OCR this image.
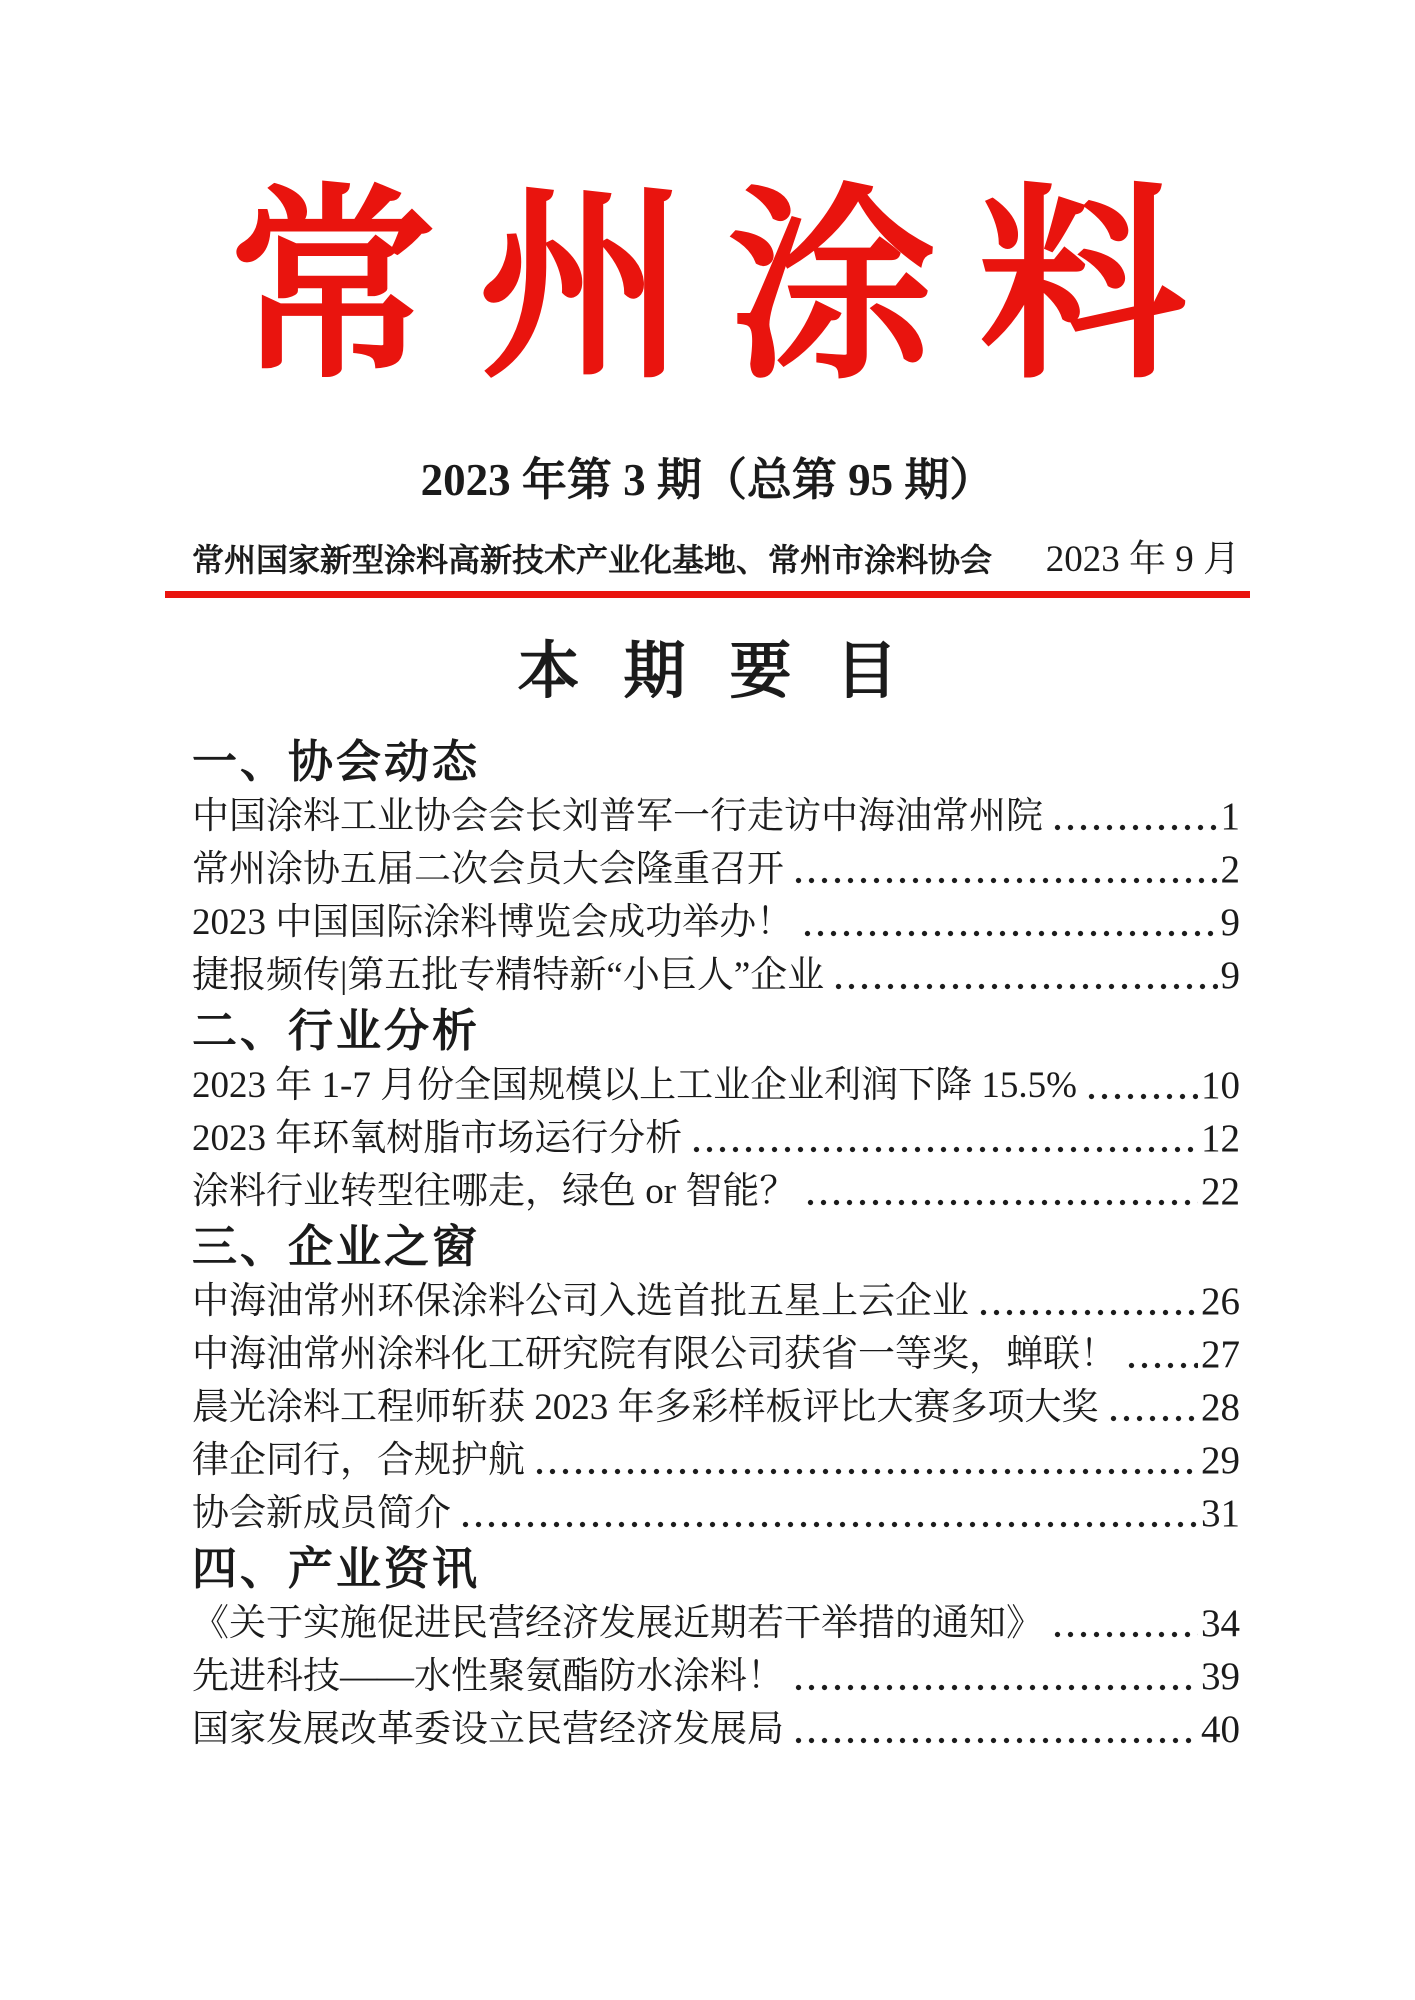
常州涂料
2023 年第 3 期（总第 95 期）
常州国家新型涂料高新技术产业化基地、常州市涂料协会 2023 年 9 月
本期要目
一、协会动态
中国涂料工业协会会长刘普军一行走访中海油常州院	1
常州涂协五届二次会员大会隆重召开	2
2023 中国国际涂料博览会成功举办！	9
捷报频传|第五批专精特新“小巨人”企业	9
二、行业分析
2023 年 1-7 月份全国规模以上工业企业利润下降 15.5%	10
2023 年环氧树脂市场运行分析	12
涂料行业转型往哪走，绿色 or 智能？	22
三、企业之窗
中海油常州环保涂料公司入选首批五星上云企业	26
中海油常州涂料化工研究院有限公司获省一等奖，蝉联！ 27
晨光涂料工程师斩获 2023 年多彩样板评比大赛多项大奖	28
律企同行，合规护航	29
协会新成员简介	31
四、产业资讯
《关于实施促进民营经济发展近期若干举措的通知》	34
先进科技——水性聚氨酯防水涂料！	39
国家发展改革委设立民营经济发展局	40
